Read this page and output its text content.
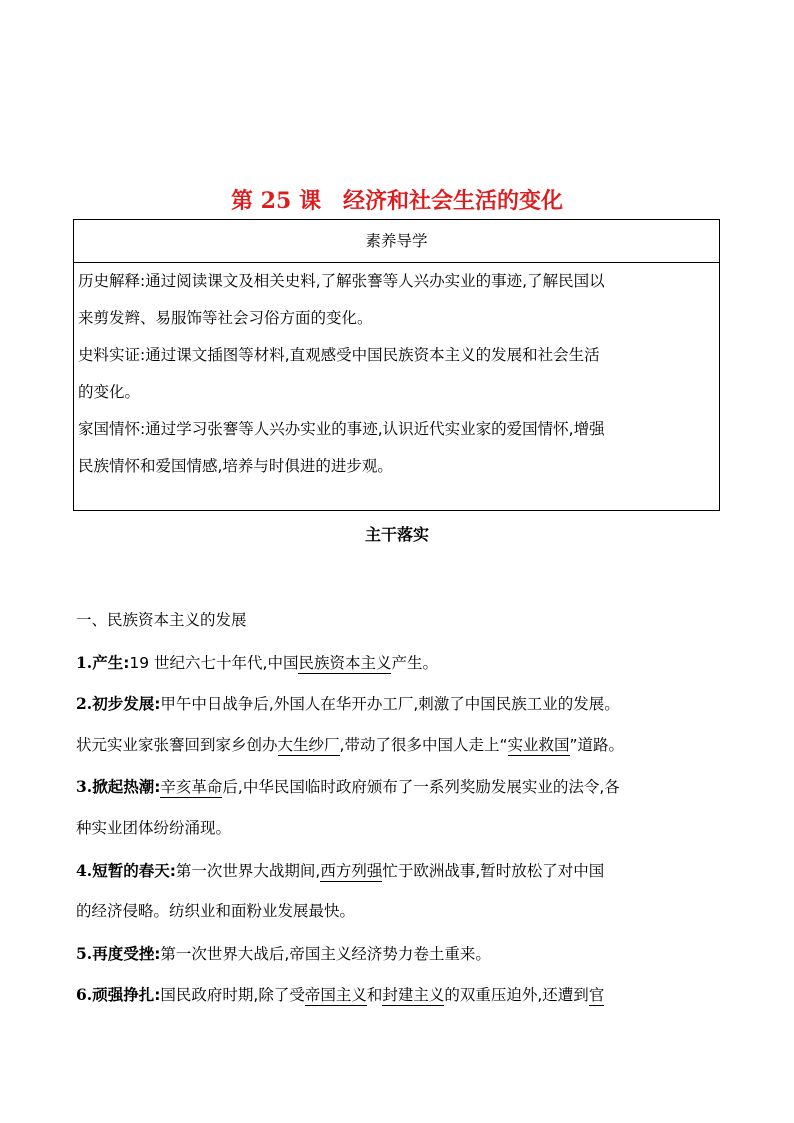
第 25 课 经济和社会生活的变化
素养导学
历史解释:通过阅读课文及相关史料,了解张謇等人兴办实业的事迹,了解民国以
来剪发辫、易服饰等社会习俗方面的变化。
史料实证:通过课文插图等材料,直观感受中国民族资本主义的发展和社会生活
的变化。
家国情怀:通过学习张謇等人兴办实业的事迹,认识近代实业家的爱国情怀,增强
民族情怀和爱国情感,培养与时俱进的进步观。
主干落实
一、民族资本主义的发展
1.产生:19 世纪六七十年代,中国民族资本主义产生。
2.初步发展:甲午中日战争后,外国人在华开办工厂,刺激了中国民族工业的发展。
状元实业家张謇回到家乡创办大生纱厂,带动了很多中国人走上“实业救国”道路。
3.掀起热潮:辛亥革命后,中华民国临时政府颁布了一系列奖励发展实业的法令,各
种实业团体纷纷涌现。
4.短暂的春天:第一次世界大战期间,西方列强忙于欧洲战事,暂时放松了对中国
的经济侵略。纺织业和面粉业发展最快。
5.再度受挫:第一次世界大战后,帝国主义经济势力卷土重来。
6.顽强挣扎:国民政府时期,除了受帝国主义和封建主义的双重压迫外,还遭到官
